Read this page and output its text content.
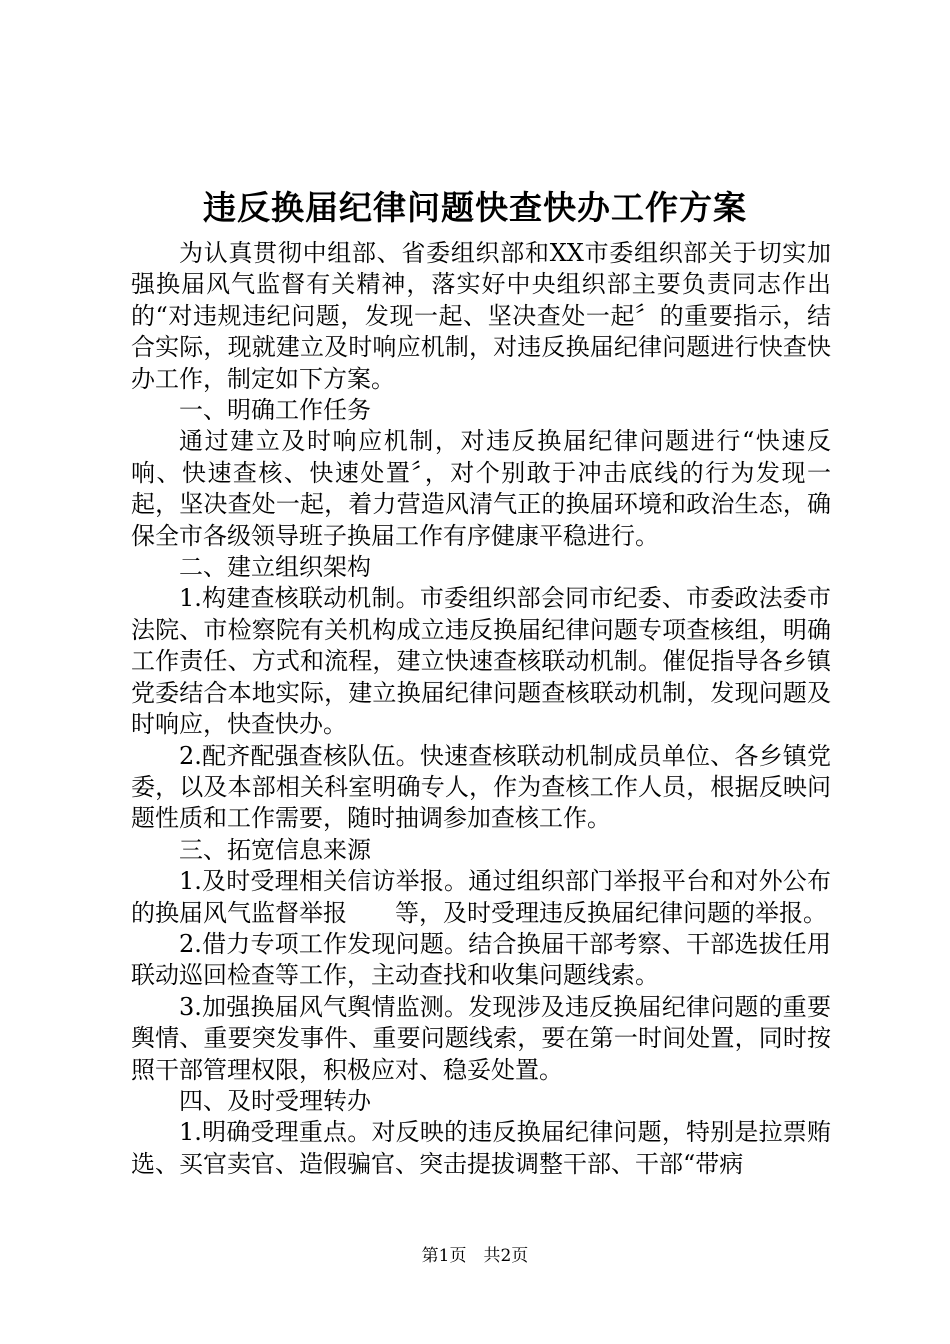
违反换届纪律问题快查快办工作方案

为认真贯彻中组部、省委组织部和XX市委组织部关于切实加强换届风气监督有关精神，落实好中央组织部主要负责同志作出的“对违规违纪问题，发现一起、坚决查处一起〞的重要指示，结合实际，现就建立及时响应机制，对违反换届纪律问题进行快查快办工作，制定如下方案。

一、明确工作任务

通过建立及时响应机制，对违反换届纪律问题进行“快速反响、快速查核、快速处置〞，对个别敢于冲击底线的行为发现一起，坚决查处一起，着力营造风清气正的换届环境和政治生态，确保全市各级领导班子换届工作有序健康平稳进行。

二、建立组织架构

1.构建查核联动机制。市委组织部会同市纪委、市委政法委市法院、市检察院有关机构成立违反换届纪律问题专项查核组，明确工作责任、方式和流程，建立快速查核联动机制。催促指导各乡镇党委结合本地实际，建立换届纪律问题查核联动机制，发现问题及时响应，快查快办。

2.配齐配强查核队伍。快速查核联动机制成员单位、各乡镇党委，以及本部相关科室明确专人，作为查核工作人员，根据反映问题性质和工作需要，随时抽调参加查核工作。

三、拓宽信息来源

1.及时受理相关信访举报。通过组织部门举报平台和对外公布的换届风气监督举报　　等，及时受理违反换届纪律问题的举报。

2.借力专项工作发现问题。结合换届干部考察、干部选拔任用联动巡回检查等工作，主动查找和收集问题线索。

3.加强换届风气舆情监测。发现涉及违反换届纪律问题的重要舆情、重要突发事件、重要问题线索，要在第一时间处置，同时按照干部管理权限，积极应对、稳妥处置。

四、及时受理转办

1.明确受理重点。对反映的违反换届纪律问题，特别是拉票贿选、买官卖官、造假骗官、突击提拔调整干部、干部“带病

第1页　共2页
